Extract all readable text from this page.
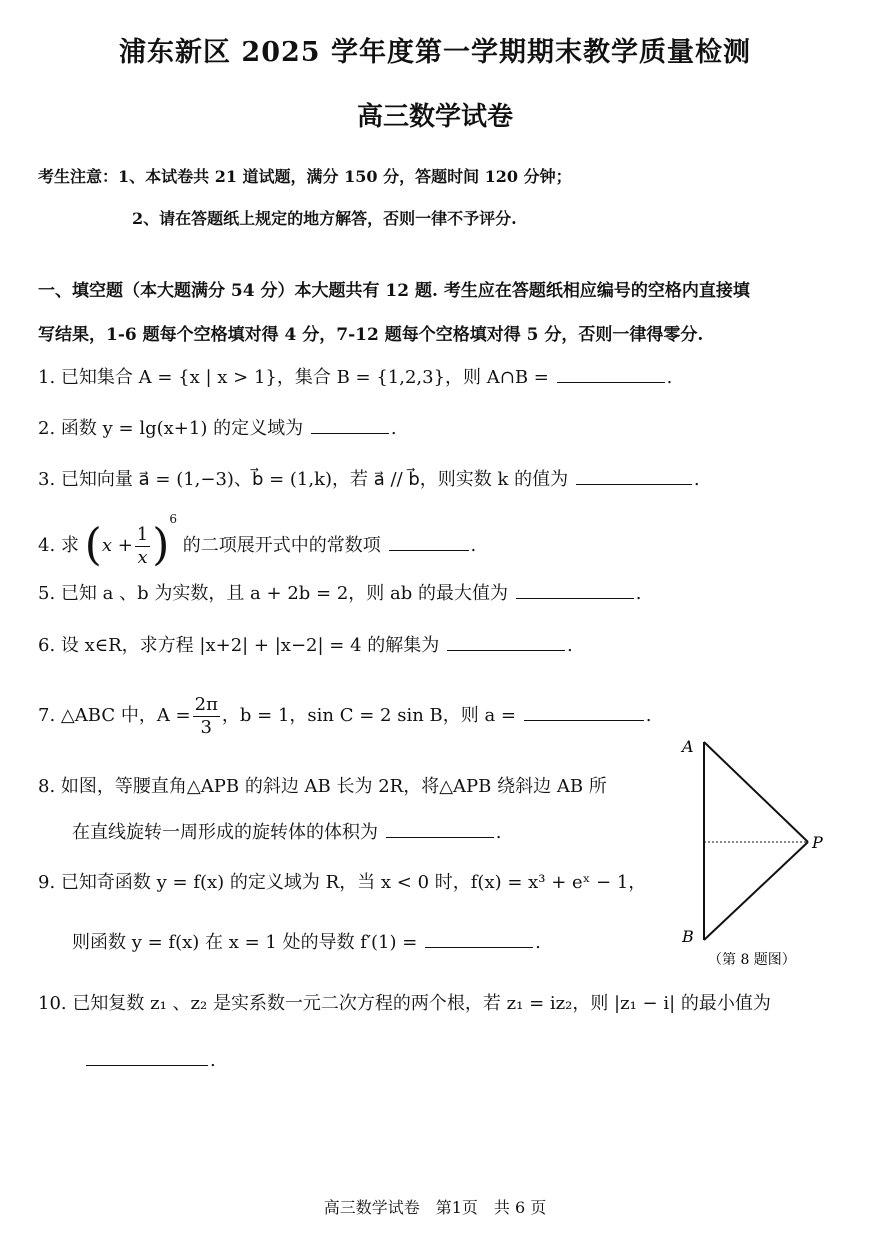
浦东新区 2025 学年度第一学期期末教学质量检测
高三数学试卷
考生注意：1、本试卷共 21 道试题，满分 150 分，答题时间 120 分钟；
2、请在答题纸上规定的地方解答，否则一律不予评分.
一、填空题（本大题满分 54 分）本大题共有 12 题. 考生应在答题纸相应编号的空格内直接填
写结果，1-6 题每个空格填对得 4 分，7-12 题每个空格填对得 5 分，否则一律得零分.
1. 已知集合 A = {x | x > 1}，集合 B = {1,2,3}，则 A∩B =	.
2. 函数 y = lg(x+1) 的定义域为	.
3. 已知向量 a⃗ = (1,−3)、b⃗ = (1,k)，若 a⃗ // b⃗，则实数 k 的值为	.
4. 求 $(x + \frac{1}{x} )^6$ 的二项展开式中的常数项	.
5. 已知 a 、b 为实数，且 a + 2b = 2，则 ab 的最大值为	.
6. 设 x∈R，求方程 |x+2| + |x−2| = 4 的解集为	.
7. △ABC 中，$A = \frac{2\pi}{3}$ ，b = 1，sin C = 2 sin B，则 a =	.
8. 如图，等腰直角△APB 的斜边 AB 长为 2R，将△APB 绕斜边 AB 所
在直线旋转一周形成的旋转体的体积为	.
9. 已知奇函数 y = f(x) 的定义域为 R，当 x < 0 时，f(x) = x³ + eˣ − 1，
则函数 y = f(x) 在 x = 1 处的导数 f′(1) =	.
A
B
P
（第 8 题图）
10. 已知复数 z₁ 、z₂ 是实系数一元二次方程的两个根，若 z₁ = iz₂，则 |z₁ − i| 的最小值为
.
高三数学试卷　第1页　共 6 页
